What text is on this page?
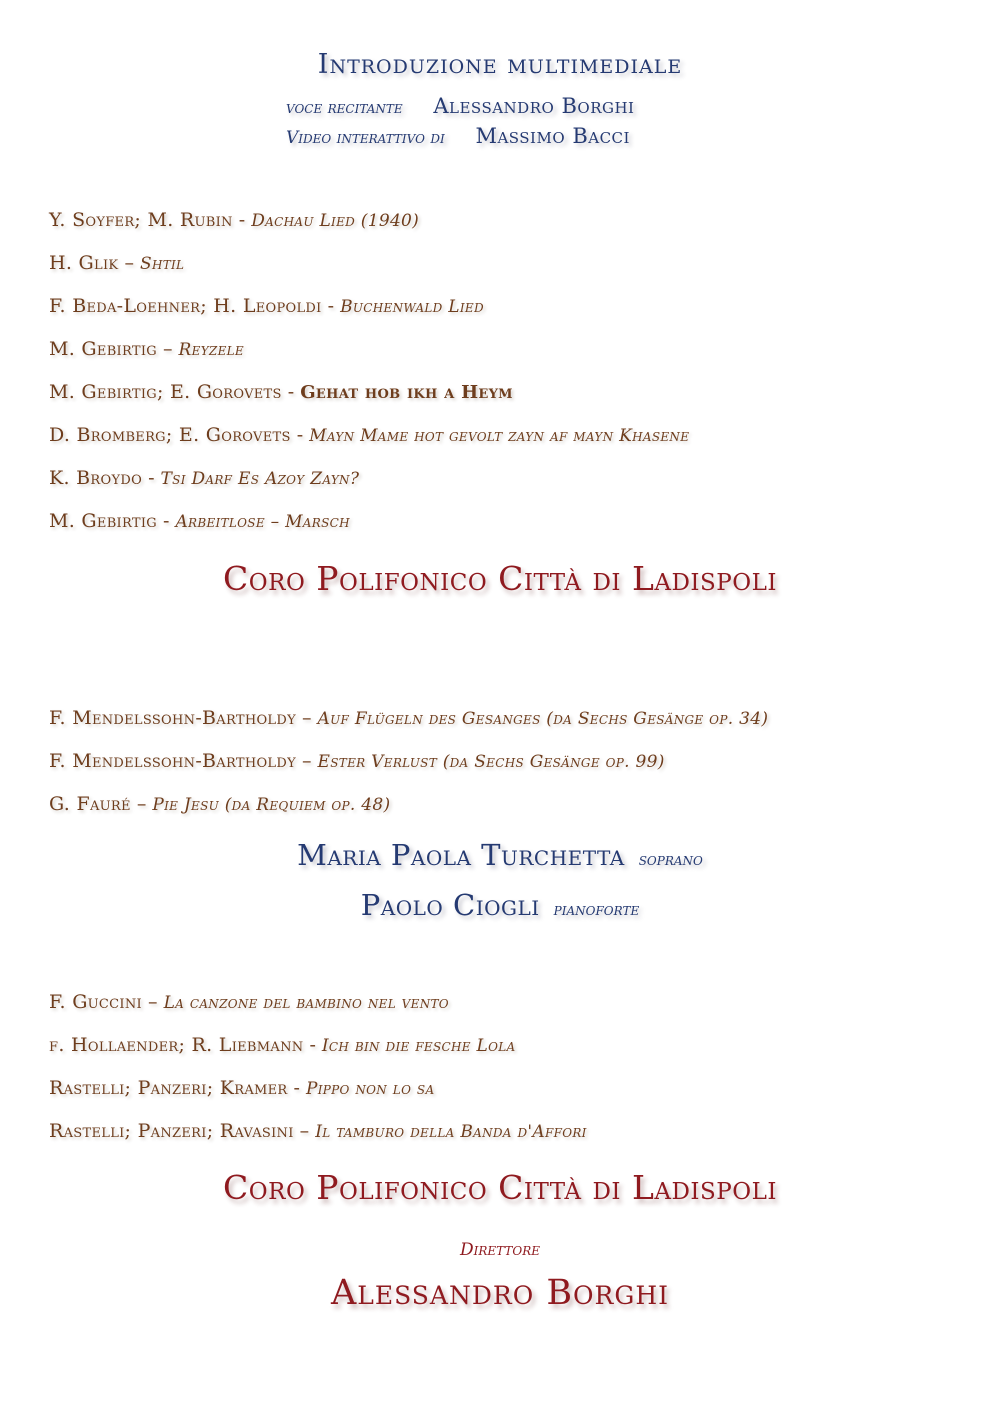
Introduzione multimediale
voce recitante Alessandro Borghi
Video interattivo di Massimo Bacci
Y. Soyfer; M. Rubin - Dachau Lied (1940)
H. Glik – Shtil
F. Beda-Loehner; H. Leopoldi - Buchenwald Lied
M. Gebirtig – Reyzele
M. Gebirtig; E. Gorovets - Gehat hob ikh a Heym
D. Bromberg; E. Gorovets - Mayn Mame hot gevolt zayn af mayn Khasene
K. Broydo - Tsi Darf Es Azoy Zayn?
M. Gebirtig - Arbeitlose – Marsch
Coro Polifonico Città di Ladispoli
F. Mendelssohn-Bartholdy – Auf Flügeln des Gesanges (da Sechs Gesänge op. 34)
F. Mendelssohn-Bartholdy – Ester Verlust (da Sechs Gesänge op. 99)
G. Fauré – Pie Jesu (da Requiem op. 48)
Maria Paola Turchetta soprano
Paolo Ciogli pianoforte
F. Guccini – La canzone del bambino nel vento
f. Hollaender; R. Liebmann - Ich bin die fesche Lola
Rastelli; Panzeri; Kramer - Pippo non lo sa
Rastelli; Panzeri; Ravasini – Il tamburo della Banda d'Affori
Coro Polifonico Città di Ladispoli
Direttore
Alessandro Borghi
